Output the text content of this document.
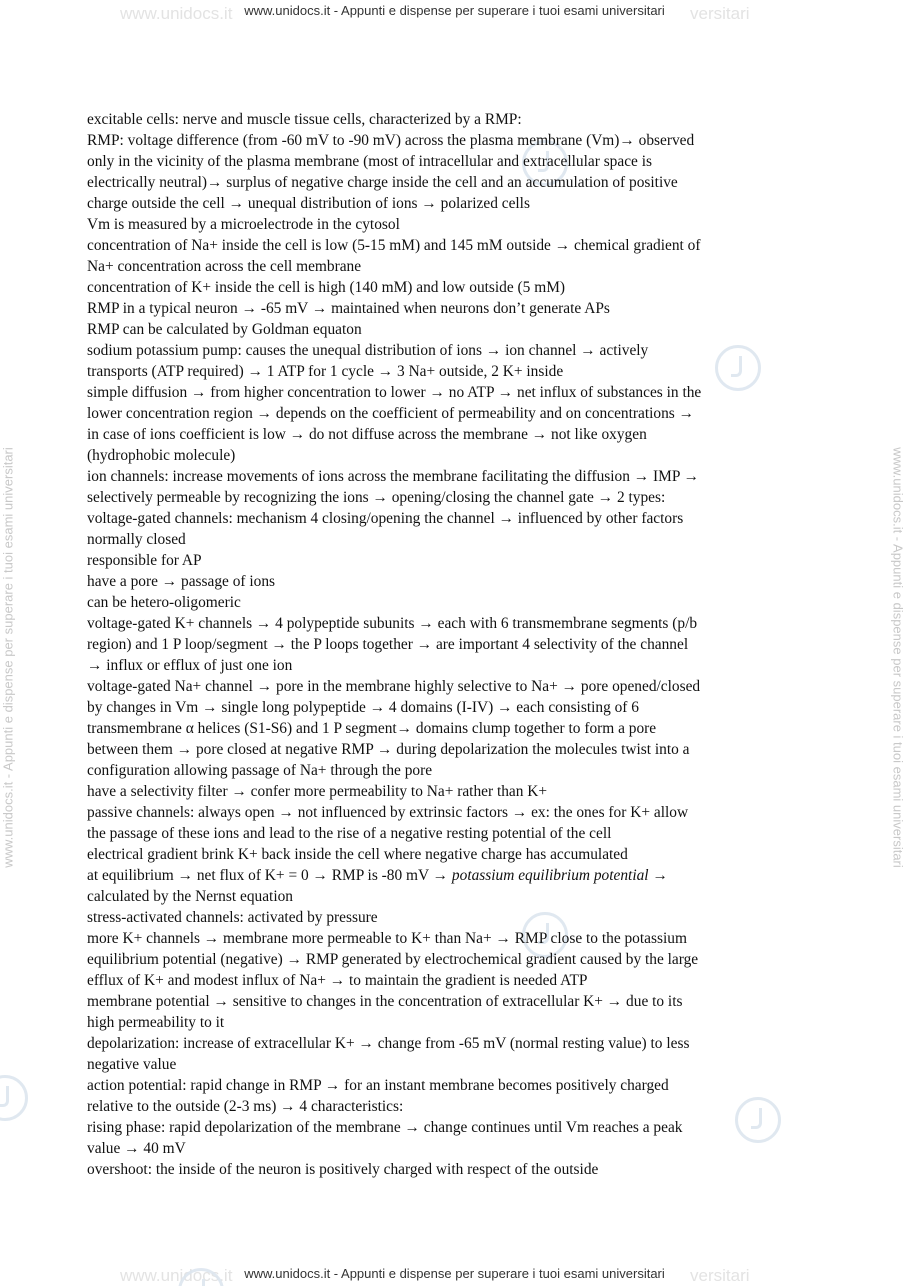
www.unidocs.it	versitari
www.unidocs.it	versitari
www.unidocs.it - Appunti e dispense per superare i tuoi esami universitari
www.unidocs.it - Appunti e dispense per superare i tuoi esami universitari
www.unidocs.it - Appunti e dispense per superare i tuoi esami universitari	www.unidocs.it - Appunti e dispense per superare i tuoi esami universitari

excitable cells: nerve and muscle tissue cells, characterized by a RMP:

RMP: voltage difference (from -60 mV to -90 mV) across the plasma membrane (Vm)→ observed

only in the vicinity of the plasma membrane (most of intracellular and extracellular space is

electrically neutral)→ surplus of negative charge inside the cell and an accumulation of positive

charge outside the cell → unequal distribution of ions → polarized cells

Vm is measured by a microelectrode in the cytosol

concentration of Na+ inside the cell is low (5-15 mM) and 145 mM outside → chemical gradient of

Na+ concentration across the cell membrane

concentration of K+ inside the cell is high (140 mM) and low outside (5 mM)

RMP in a typical neuron → -65 mV → maintained when neurons don’t generate APs

RMP can be calculated by Goldman equaton

sodium potassium pump: causes the unequal distribution of ions → ion channel → actively

transports (ATP required) → 1 ATP for 1 cycle → 3 Na+ outside, 2 K+ inside

simple diffusion → from higher concentration to lower → no ATP → net influx of substances in the

lower concentration region → depends on the coefficient of permeability and on concentrations →

in case of ions coefficient is low → do not diffuse across the membrane → not like oxygen

(hydrophobic molecule)

ion channels: increase movements of ions across the membrane facilitating the diffusion → IMP →

selectively permeable by recognizing the ions → opening/closing the channel gate → 2 types:

voltage-gated channels: mechanism 4 closing/opening the channel → influenced by other factors

normally closed

responsible for AP

have a pore → passage of ions

can be hetero-oligomeric

voltage-gated K+ channels → 4 polypeptide subunits → each with 6 transmembrane segments (p/b

region) and 1 P loop/segment → the P loops together → are important 4 selectivity of the channel

→ influx or efflux of just one ion

voltage-gated Na+ channel → pore in the membrane highly selective to Na+ → pore opened/closed

by changes in Vm → single long polypeptide → 4 domains (I-IV) → each consisting of 6

transmembrane α helices (S1-S6) and 1 P segment→ domains clump together to form a pore

between them → pore closed at negative RMP → during depolarization the molecules twist into a

configuration allowing passage of Na+ through the pore

have a selectivity filter → confer more permeability to Na+ rather than K+

passive channels: always open → not influenced by extrinsic factors → ex: the ones for K+ allow

the passage of these ions and lead to the rise of a negative resting potential of the cell

electrical gradient brink K+ back inside the cell where negative charge has accumulated

at equilibrium → net flux of K+ = 0 → RMP is -80 mV → potassium equilibrium potential →

calculated by the Nernst equation

stress-activated channels: activated by pressure

more K+ channels → membrane more permeable to K+ than Na+ → RMP close to the potassium

equilibrium potential (negative) → RMP generated by electrochemical gradient caused by the large

efflux of K+ and modest influx of Na+ → to maintain the gradient is needed ATP

membrane potential → sensitive to changes in the concentration of extracellular K+ → due to its

high permeability to it

depolarization: increase of extracellular K+ → change from -65 mV (normal resting value) to less

negative value

action potential: rapid change in RMP → for an instant membrane becomes positively charged

relative to the outside (2-3 ms) → 4 characteristics:

rising phase: rapid depolarization of the membrane → change continues until Vm reaches a peak

value → 40 mV

overshoot: the inside of the neuron is positively charged with respect of the outside
